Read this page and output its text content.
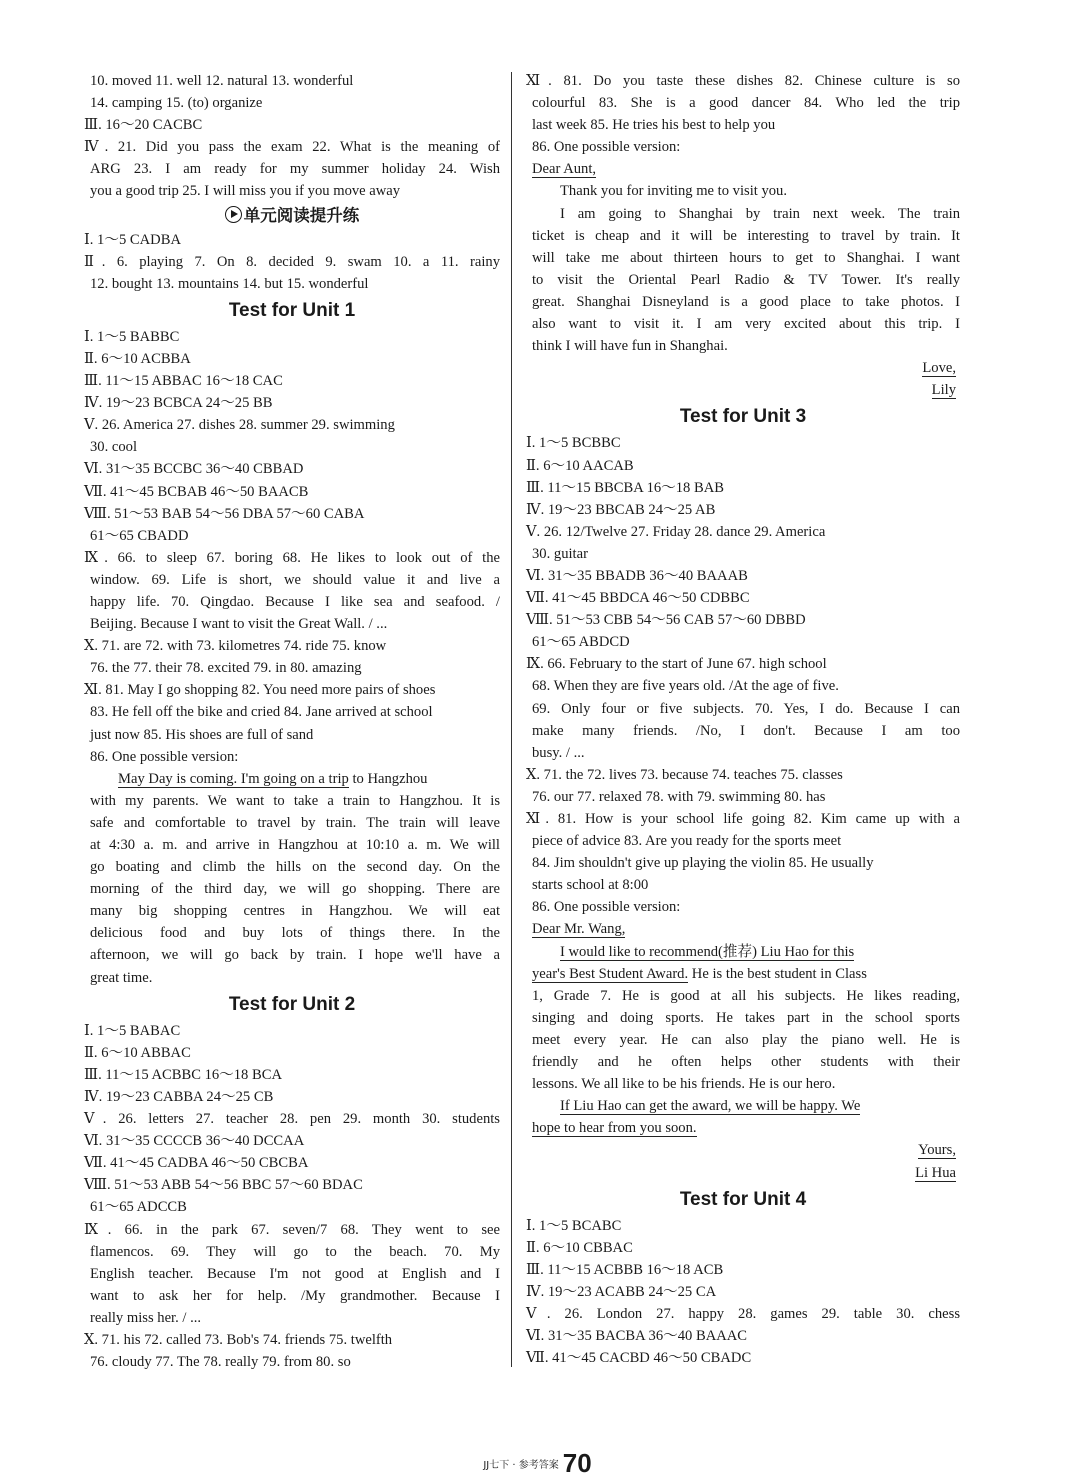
10. moved 11. well 12. natural 13. wonderful
14. camping 15. (to) organize
Ⅲ. 16～20 CACBC
Ⅳ. 21. Did you pass the exam 22. What is the meaning of
ARG 23. I am ready for my summer holiday 24. Wish
you a good trip 25. I will miss you if you move away
单元阅读提升练
Ⅰ. 1～5 CADBA
Ⅱ. 6. playing 7. On 8. decided 9. swam 10. a 11. rainy
12. bought 13. mountains 14. but 15. wonderful
Test for Unit 1
Ⅰ. 1～5 BABBC
Ⅱ. 6～10 ACBBA
Ⅲ. 11～15 ABBAC 16～18 CAC
Ⅳ. 19～23 BCBCA 24～25 BB
Ⅴ. 26. America 27. dishes 28. summer 29. swimming
30. cool
Ⅵ. 31～35 BCCBC 36～40 CBBAD
Ⅶ. 41～45 BCBAB 46～50 BAACB
Ⅷ. 51～53 BAB 54～56 DBA 57～60 CABA
61～65 CBADD
Ⅸ. 66. to sleep 67. boring 68. He likes to look out of the
window. 69. Life is short, we should value it and live a
happy life. 70. Qingdao. Because I like sea and seafood. /
Beijing. Because I want to visit the Great Wall. / ...
Ⅹ. 71. are 72. with 73. kilometres 74. ride 75. know
76. the 77. their 78. excited 79. in 80. amazing
Ⅺ. 81. May I go shopping 82. You need more pairs of shoes
83. He fell off the bike and cried 84. Jane arrived at school
just now 85. His shoes are full of sand
86. One possible version:
May Day is coming. I'm going on a trip to Hangzhou
with my parents. We want to take a train to Hangzhou. It is
safe and comfortable to travel by train. The train will leave
at 4:30 a. m. and arrive in Hangzhou at 10:10 a. m. We will
go boating and climb the hills on the second day. On the
morning of the third day, we will go shopping. There are
many big shopping centres in Hangzhou. We will eat
delicious food and buy lots of things there. In the
afternoon, we will go back by train. I hope we'll have a
great time.
Test for Unit 2
Ⅰ. 1～5 BABAC
Ⅱ. 6～10 ABBAC
Ⅲ. 11～15 ACBBC 16～18 BCA
Ⅳ. 19～23 CABBA 24～25 CB
Ⅴ. 26. letters 27. teacher 28. pen 29. month 30. students
Ⅵ. 31～35 CCCCB 36～40 DCCAA
Ⅶ. 41～45 CADBA 46～50 CBCBA
Ⅷ. 51～53 ABB 54～56 BBC 57～60 BDAC
61～65 ADCCB
Ⅸ. 66. in the park 67. seven/7 68. They went to see
flamencos. 69. They will go to the beach. 70. My
English teacher. Because I'm not good at English and I
want to ask her for help. /My grandmother. Because I
really miss her. / ...
Ⅹ. 71. his 72. called 73. Bob's 74. friends 75. twelfth
76. cloudy 77. The 78. really 79. from 80. so
Ⅺ. 81. Do you taste these dishes 82. Chinese culture is so
colourful 83. She is a good dancer 84. Who led the trip
last week 85. He tries his best to help you
86. One possible version:
Dear Aunt,
Thank you for inviting me to visit you.
I am going to Shanghai by train next week. The train
ticket is cheap and it will be interesting to travel by train. It
will take me about thirteen hours to get to Shanghai. I want
to visit the Oriental Pearl Radio & TV Tower. It's really
great. Shanghai Disneyland is a good place to take photos. I
also want to visit it. I am very excited about this trip. I
think I will have fun in Shanghai.
Love,
Lily
Test for Unit 3
Ⅰ. 1～5 BCBBC
Ⅱ. 6～10 AACAB
Ⅲ. 11～15 BBCBA 16～18 BAB
Ⅳ. 19～23 BBCAB 24～25 AB
Ⅴ. 26. 12/Twelve 27. Friday 28. dance 29. America
30. guitar
Ⅵ. 31～35 BBADB 36～40 BAAAB
Ⅶ. 41～45 BBDCA 46～50 CDBBC
Ⅷ. 51～53 CBB 54～56 CAB 57～60 DBBD
61～65 ABDCD
Ⅸ. 66. February to the start of June 67. high school
68. When they are five years old. /At the age of five.
69. Only four or five subjects. 70. Yes, I do. Because I can
make many friends. /No, I don't. Because I am too
busy. / ...
Ⅹ. 71. the 72. lives 73. because 74. teaches 75. classes
76. our 77. relaxed 78. with 79. swimming 80. has
Ⅺ. 81. How is your school life going 82. Kim came up with a
piece of advice 83. Are you ready for the sports meet
84. Jim shouldn't give up playing the violin 85. He usually
starts school at 8:00
86. One possible version:
Dear Mr. Wang,
I would like to recommend(推荐) Liu Hao for this
year's Best Student Award. He is the best student in Class
1, Grade 7. He is good at all his subjects. He likes reading,
singing and doing sports. He takes part in the school sports
meet every year. He can also play the piano well. He is
friendly and he often helps other students with their
lessons. We all like to be his friends. He is our hero.
If Liu Hao can get the award, we will be happy. We
hope to hear from you soon.
Yours,
Li Hua
Test for Unit 4
Ⅰ. 1～5 BCABC
Ⅱ. 6～10 CBBAC
Ⅲ. 11～15 ACBBB 16～18 ACB
Ⅳ. 19～23 ACABB 24～25 CA
Ⅴ. 26. London 27. happy 28. games 29. table 30. chess
Ⅵ. 31～35 BACBA 36～40 BAAAC
Ⅶ. 41～45 CACBD 46～50 CBADC
$^{JJ七下 \cdot 参考答案}$ 70
